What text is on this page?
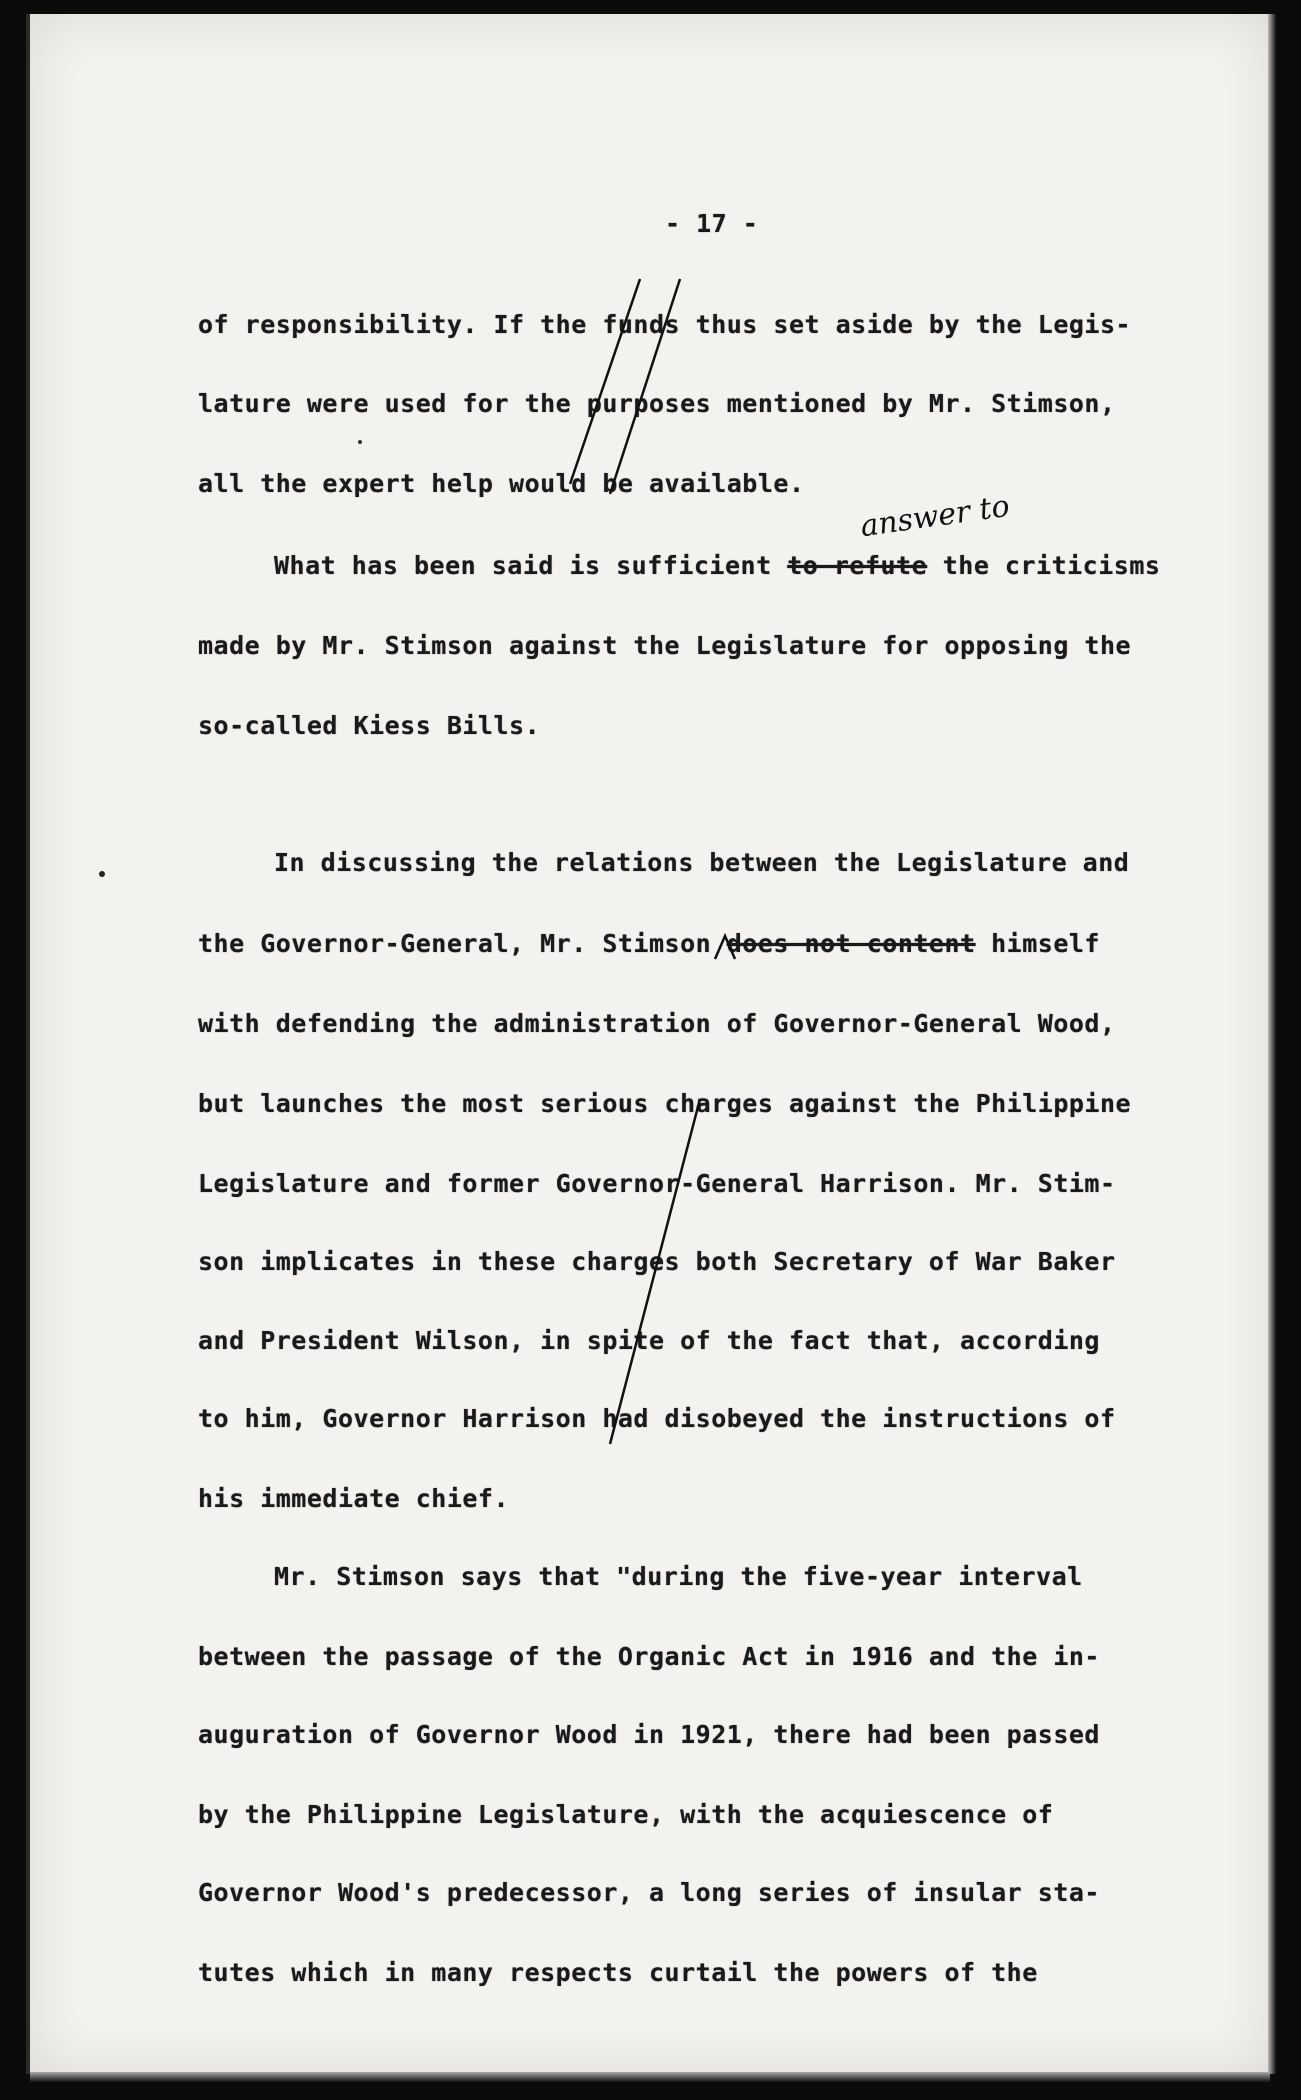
- 17 -
of responsibility. If the funds thus set aside by the Legis-
lature were used for the purposes mentioned by Mr. Stimson,
all the expert help would be available.
What has been said is sufficient to refute the criticisms
made by Mr. Stimson against the Legislature for opposing the
so-called Kiess Bills.
In discussing the relations between the Legislature and
the Governor-General, Mr. Stimson does not content himself
with defending the administration of Governor-General Wood,
but launches the most serious charges against the Philippine
Legislature and former Governor-General Harrison. Mr. Stim-
son implicates in these charges both Secretary of War Baker
and President Wilson, in spite of the fact that, according
to him, Governor Harrison had disobeyed the instructions of
his immediate chief.
Mr. Stimson says that "during the five-year interval
between the passage of the Organic Act in 1916 and the in-
auguration of Governor Wood in 1921, there had been passed
by the Philippine Legislature, with the acquiescence of
Governor Wood's predecessor, a long series of insular sta-
tutes which in many respects curtail the powers of the
answer to
